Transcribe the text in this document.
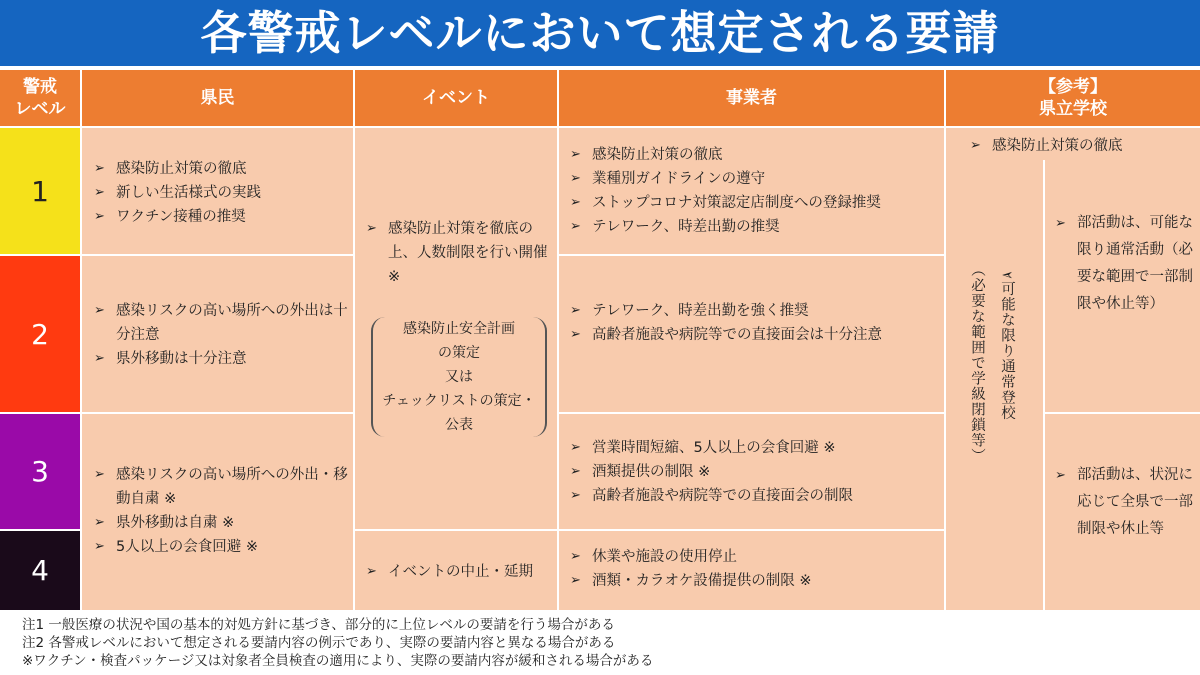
各警戒レベルにおいて想定される要請
警戒
レベル
県民	イベント	事業者
【参考】
県立学校
1
2
3
4
➢ 感染防止対策の徹底
➢ 新しい生活様式の実践
➢ ワクチン接種の推奨
➢ 感染リスクの高い場所への外出は十分注意
➢ 県外移動は十分注意
➢ 感染リスクの高い場所への外出・移動自粛 ※
➢ 県外移動は自粛 ※
➢ 5人以上の会食回避 ※
➢ 感染防止対策を徹底の上、人数制限を行い開催 ※
感染防止安全計画
の策定
又は
チェックリストの策定・
公表
➢ イベントの中止・延期
➢ 感染防止対策の徹底
➢ 業種別ガイドラインの遵守
➢ ストップコロナ対策認定店制度への登録推奨
➢ テレワーク、時差出勤の推奨
➢ テレワーク、時差出勤を強く推奨
➢ 高齢者施設や病院等での直接面会は十分注意
➢ 営業時間短縮、5人以上の会食回避 ※
➢ 酒類提供の制限 ※
➢ 高齢者施設や病院等での直接面会の制限
➢ 休業や施設の使用停止
➢ 酒類・カラオケ設備提供の制限 ※
➢ 感染防止対策の徹底
➢可能な限り通常登校
（必要な範囲で学級閉鎖等）
➢ 部活動は、可能な限り通常活動（必要な範囲で一部制限や休止等）
➢ 部活動は、状況に応じて全県で一部制限や休止等
注1 一般医療の状況や国の基本的対処方針に基づき、部分的に上位レベルの要請を行う場合がある
注2 各警戒レベルにおいて想定される要請内容の例示であり、実際の要請内容と異なる場合がある
※ワクチン・検査パッケージ又は対象者全員検査の適用により、実際の要請内容が緩和される場合がある
